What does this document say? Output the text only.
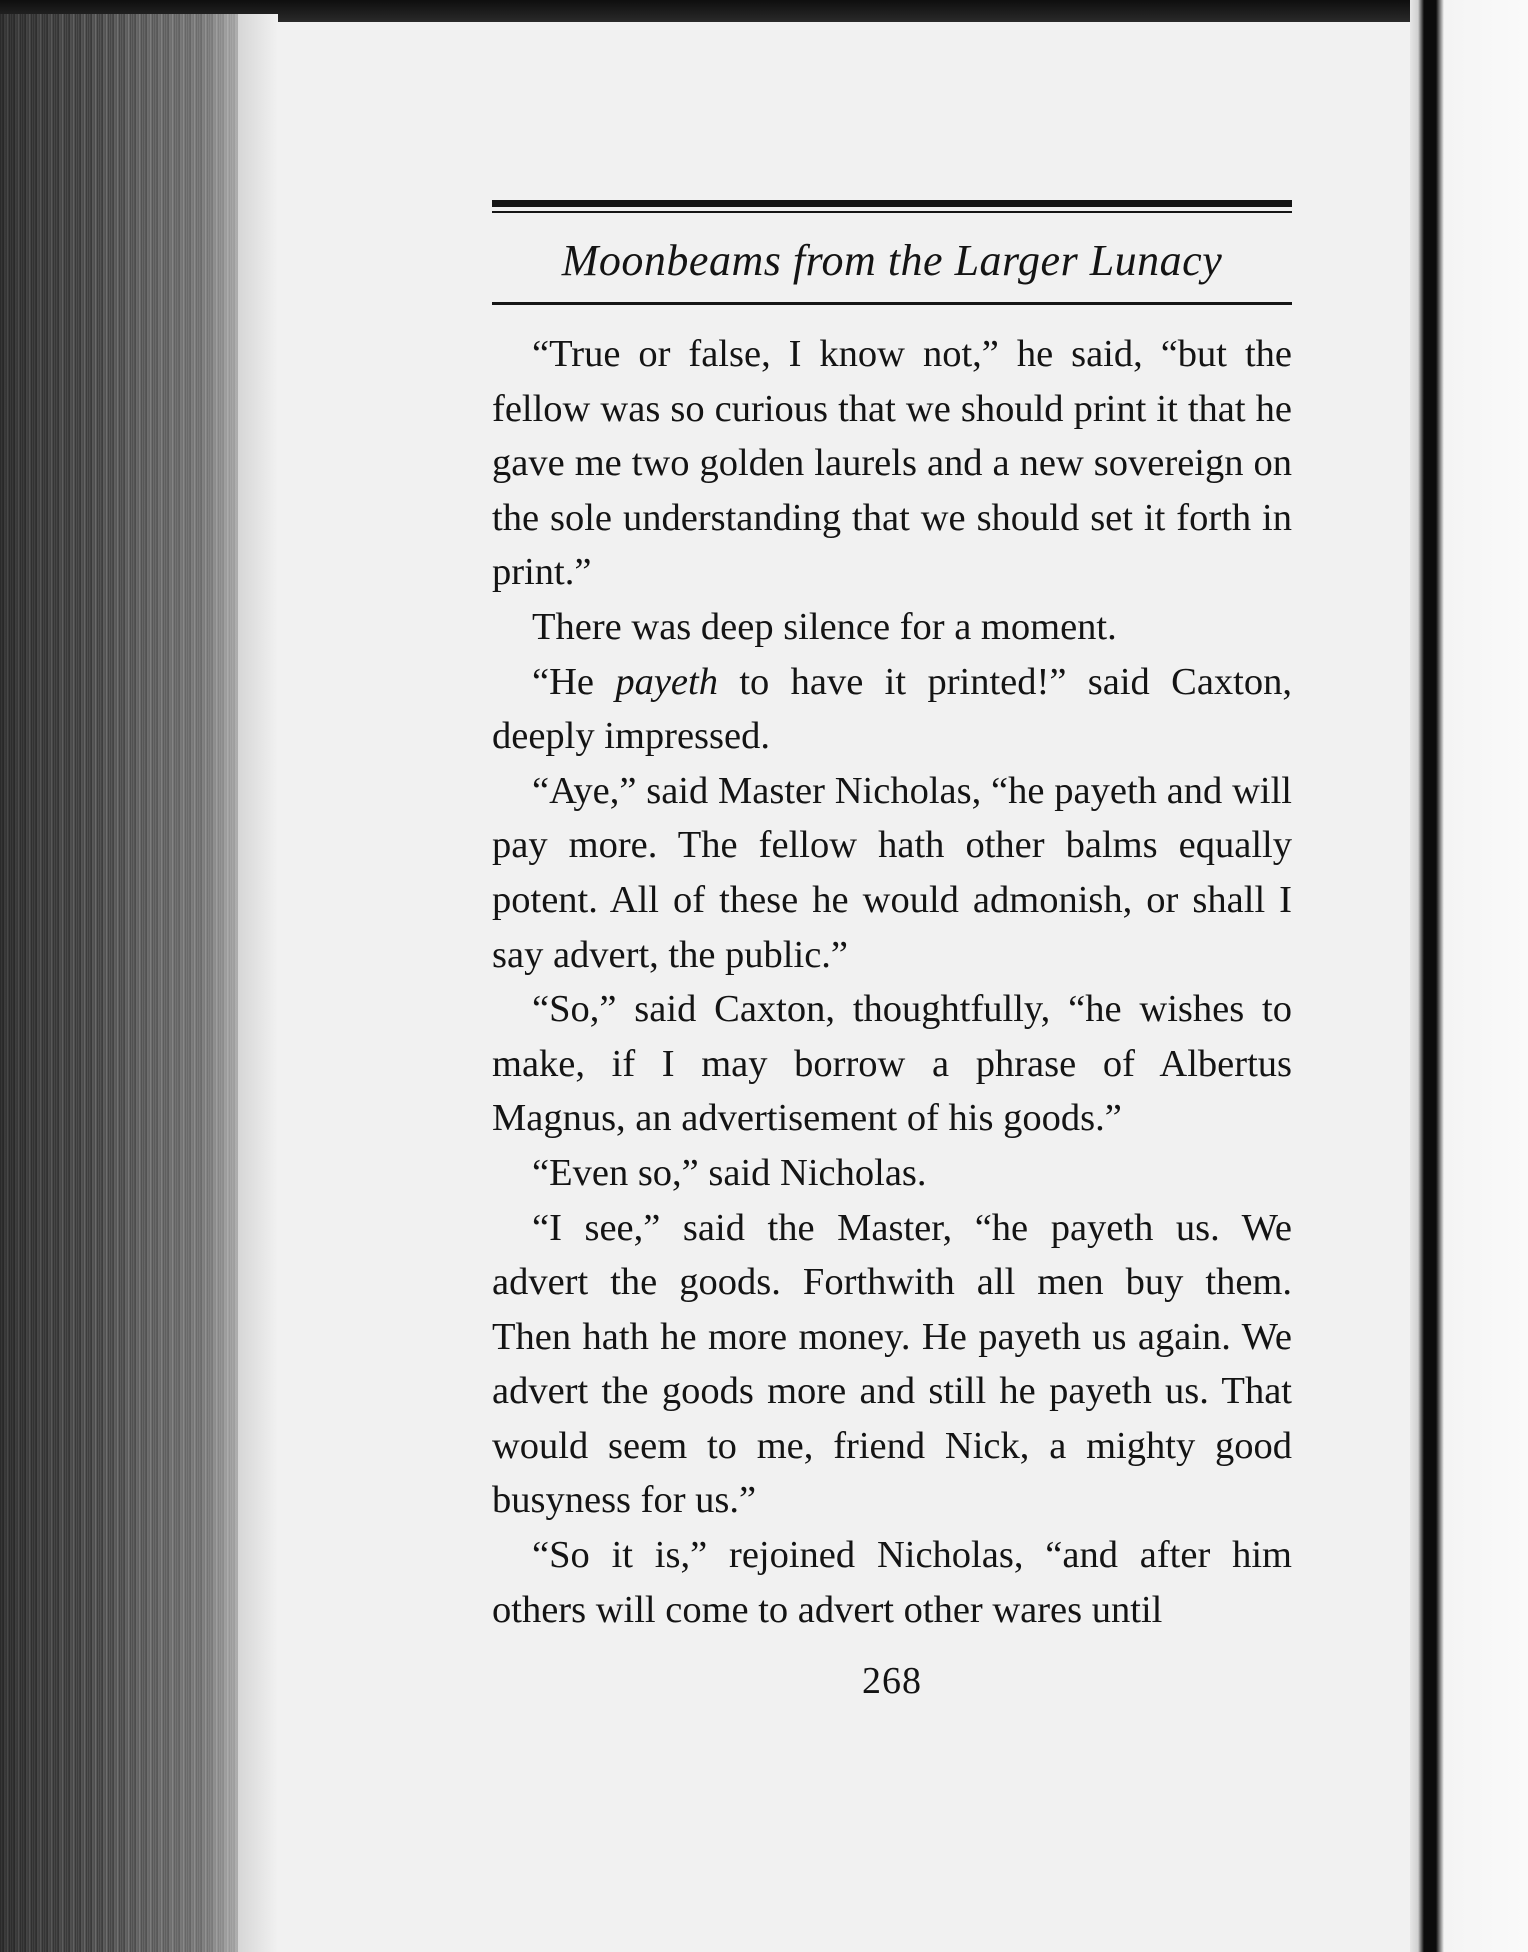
Moonbeams from the Larger Lunacy

“True or false, I know not,” he said, “but the fellow was so curious that we should print it that he gave me two golden laurels and a new sovereign on the sole understanding that we should set it forth in print.”

There was deep silence for a moment.

“He payeth to have it printed!” said Caxton, deeply impressed.

“Aye,” said Master Nicholas, “he payeth and will pay more. The fellow hath other balms equally potent. All of these he would admonish, or shall I say advert, the public.”

“So,” said Caxton, thoughtfully, “he wishes to make, if I may borrow a phrase of Albertus Magnus, an advertisement of his goods.”

“Even so,” said Nicholas.

“I see,” said the Master, “he payeth us. We advert the goods. Forthwith all men buy them. Then hath he more money. He payeth us again. We advert the goods more and still he payeth us. That would seem to me, friend Nick, a mighty good busyness for us.”

“So it is,” rejoined Nicholas, “and after him others will come to advert other wares until

268
